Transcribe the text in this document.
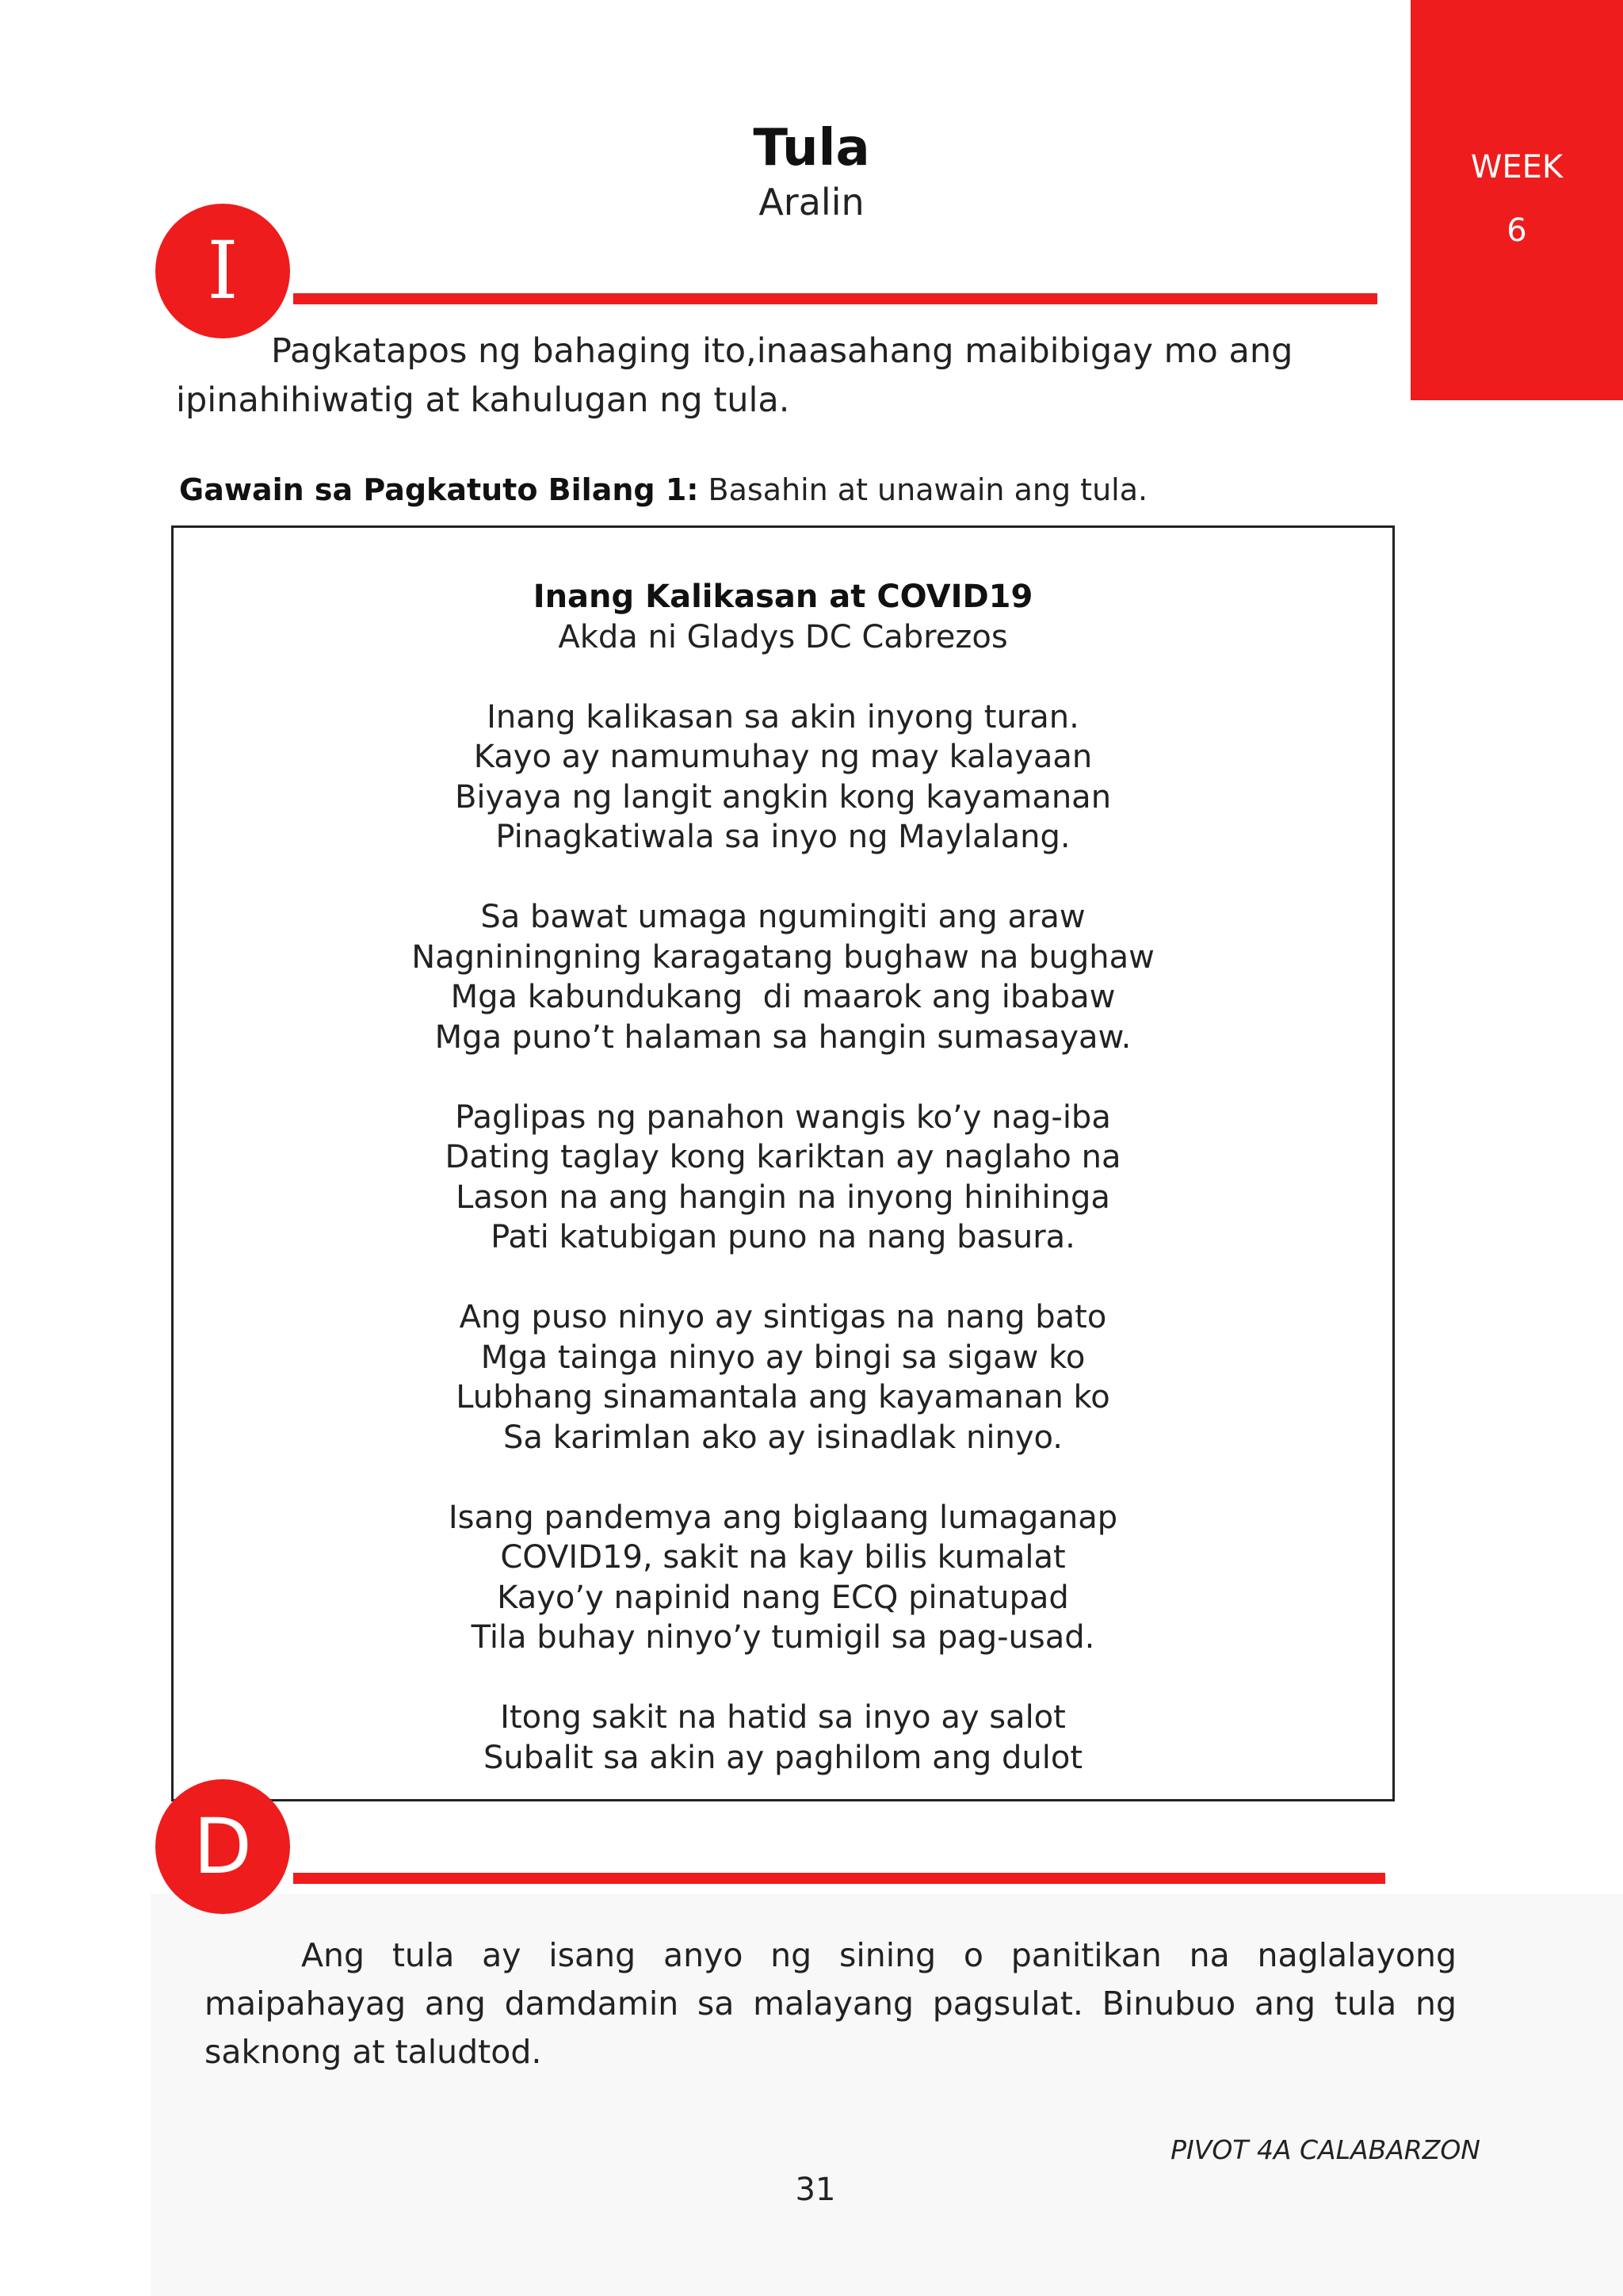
WEEK
6
Tula
Aralin
I
Pagkatapos ng bahaging ito,inaasahang maibibigay mo ang ipinahihiwatig at kahulugan ng tula.
Gawain sa Pagkatuto Bilang 1: Basahin at unawain ang tula.
Inang Kalikasan at COVID19
Akda ni Gladys DC Cabrezos
Inang kalikasan sa akin inyong turan.
Kayo ay namumuhay ng may kalayaan
Biyaya ng langit angkin kong kayamanan
Pinagkatiwala sa inyo ng Maylalang.
Sa bawat umaga ngumingiti ang araw
Nagniningning karagatang bughaw na bughaw
Mga kabundukang  di maarok ang ibabaw
Mga puno’t halaman sa hangin sumasayaw.
Paglipas ng panahon wangis ko’y nag-iba
Dating taglay kong kariktan ay naglaho na
Lason na ang hangin na inyong hinihinga
Pati katubigan puno na nang basura.
Ang puso ninyo ay sintigas na nang bato
Mga tainga ninyo ay bingi sa sigaw ko
Lubhang sinamantala ang kayamanan ko
Sa karimlan ako ay isinadlak ninyo.
Isang pandemya ang biglaang lumaganap
COVID19, sakit na kay bilis kumalat
Kayo’y napinid nang ECQ pinatupad
Tila buhay ninyo’y tumigil sa pag-usad.
Itong sakit na hatid sa inyo ay salot
Subalit sa akin ay paghilom ang dulot
D
Ang tula ay isang anyo ng sining o panitikan na naglalayong maipahayag ang damdamin sa malayang pagsulat. Binubuo ang tula ng saknong at taludtod.
PIVOT 4A CALABARZON
31
